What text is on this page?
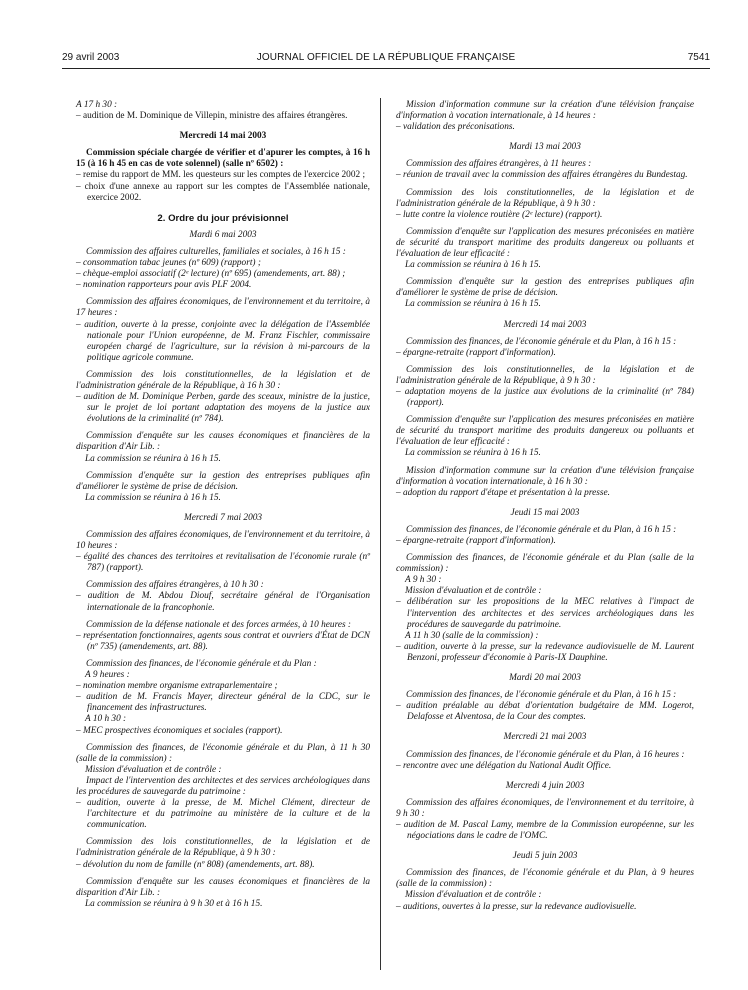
29 avril 2003	JOURNAL OFFICIEL DE LA RÉPUBLIQUE FRANÇAISE	7541

A 17 h 30 :

– audition de M. Dominique de Villepin, ministre des affaires étrangères.

Mercredi 14 mai 2003

Commission spéciale chargée de vérifier et d'apurer les comptes, à 16 h 15 (à 16 h 45 en cas de vote solennel) (salle nº 6502) :

– remise du rapport de MM. les questeurs sur les comptes de l'exercice 2002 ;

– choix d'une annexe au rapport sur les comptes de l'Assemblée nationale, exercice 2002.

2. Ordre du jour prévisionnel

Mardi 6 mai 2003

Commission des affaires culturelles, familiales et sociales, à 16 h 15 :

– consommation tabac jeunes (nº 609) (rapport) ;

– chèque-emploi associatif (2ᵉ lecture) (nº 695) (amendements, art. 88) ;

– nomination rapporteurs pour avis PLF 2004.

Commission des affaires économiques, de l'environnement et du territoire, à 17 heures :

– audition, ouverte à la presse, conjointe avec la délégation de l'Assemblée nationale pour l'Union européenne, de M. Franz Fischler, commissaire européen chargé de l'agriculture, sur la révision à mi-parcours de la politique agricole commune.

Commission des lois constitutionnelles, de la législation et de l'administration générale de la République, à 16 h 30 :

– audition de M. Dominique Perben, garde des sceaux, ministre de la justice, sur le projet de loi portant adaptation des moyens de la justice aux évolutions de la criminalité (nº 784).

Commission d'enquête sur les causes économiques et financières de la disparition d'Air Lib. :

La commission se réunira à 16 h 15.

Commission d'enquête sur la gestion des entreprises publiques afin d'améliorer le système de prise de décision.

La commission se réunira à 16 h 15.

Mercredi 7 mai 2003

Commission des affaires économiques, de l'environnement et du territoire, à 10 heures :

– égalité des chances des territoires et revitalisation de l'économie rurale (nº 787) (rapport).

Commission des affaires étrangères, à 10 h 30 :

– audition de M. Abdou Diouf, secrétaire général de l'Organisation internationale de la francophonie.

Commission de la défense nationale et des forces armées, à 10 heures :

– représentation fonctionnaires, agents sous contrat et ouvriers d'État de DCN (nº 735) (amendements, art. 88).

Commission des finances, de l'économie générale et du Plan :

A 9 heures :

– nomination membre organisme extraparlementaire ;

– audition de M. Francis Mayer, directeur général de la CDC, sur le financement des infrastructures.

A 10 h 30 :

– MEC prospectives économiques et sociales (rapport).

Commission des finances, de l'économie générale et du Plan, à 11 h 30 (salle de la commission) :

Mission d'évaluation et de contrôle :

Impact de l'intervention des architectes et des services archéologiques dans les procédures de sauvegarde du patrimoine :

– audition, ouverte à la presse, de M. Michel Clément, directeur de l'architecture et du patrimoine au ministère de la culture et de la communication.

Commission des lois constitutionnelles, de la législation et de l'administration générale de la République, à 9 h 30 :

– dévolution du nom de famille (nº 808) (amendements, art. 88).

Commission d'enquête sur les causes économiques et financières de la disparition d'Air Lib. :

La commission se réunira à 9 h 30 et à 16 h 15.

Mission d'information commune sur la création d'une télévision française d'information à vocation internationale, à 14 heures :

– validation des préconisations.

Mardi 13 mai 2003

Commission des affaires étrangères, à 11 heures :

– réunion de travail avec la commission des affaires étrangères du Bundestag.

Commission des lois constitutionnelles, de la législation et de l'administration générale de la République, à 9 h 30 :

– lutte contre la violence routière (2ᵉ lecture) (rapport).

Commission d'enquête sur l'application des mesures préconisées en matière de sécurité du transport maritime des produits dangereux ou polluants et l'évaluation de leur efficacité :

La commission se réunira à 16 h 15.

Commission d'enquête sur la gestion des entreprises publiques afin d'améliorer le système de prise de décision.

La commission se réunira à 16 h 15.

Mercredi 14 mai 2003

Commission des finances, de l'économie générale et du Plan, à 16 h 15 :

– épargne-retraite (rapport d'information).

Commission des lois constitutionnelles, de la législation et de l'administration générale de la République, à 9 h 30 :

– adaptation moyens de la justice aux évolutions de la criminalité (nº 784) (rapport).

Commission d'enquête sur l'application des mesures préconisées en matière de sécurité du transport maritime des produits dangereux ou polluants et l'évaluation de leur efficacité :

La commission se réunira à 16 h 15.

Mission d'information commune sur la création d'une télévision française d'information à vocation internationale, à 16 h 30 :

– adoption du rapport d'étape et présentation à la presse.

Jeudi 15 mai 2003

Commission des finances, de l'économie générale et du Plan, à 16 h 15 :

– épargne-retraite (rapport d'information).

Commission des finances, de l'économie générale et du Plan (salle de la commission) :

A 9 h 30 :

Mission d'évaluation et de contrôle :

– délibération sur les propositions de la MEC relatives à l'impact de l'intervention des architectes et des services archéologiques dans les procédures de sauvegarde du patrimoine.

A 11 h 30 (salle de la commission) :

– audition, ouverte à la presse, sur la redevance audiovisuelle de M. Laurent Benzoni, professeur d'économie à Paris-IX Dauphine.

Mardi 20 mai 2003

Commission des finances, de l'économie générale et du Plan, à 16 h 15 :

– audition préalable au débat d'orientation budgétaire de MM. Logerot, Delafosse et Alventosa, de la Cour des comptes.

Mercredi 21 mai 2003

Commission des finances, de l'économie générale et du Plan, à 16 heures :

– rencontre avec une délégation du National Audit Office.

Mercredi 4 juin 2003

Commission des affaires économiques, de l'environnement et du territoire, à 9 h 30 :

– audition de M. Pascal Lamy, membre de la Commission européenne, sur les négociations dans le cadre de l'OMC.

Jeudi 5 juin 2003

Commission des finances, de l'économie générale et du Plan, à 9 heures (salle de la commission) :

Mission d'évaluation et de contrôle :

– auditions, ouvertes à la presse, sur la redevance audiovisuelle.
